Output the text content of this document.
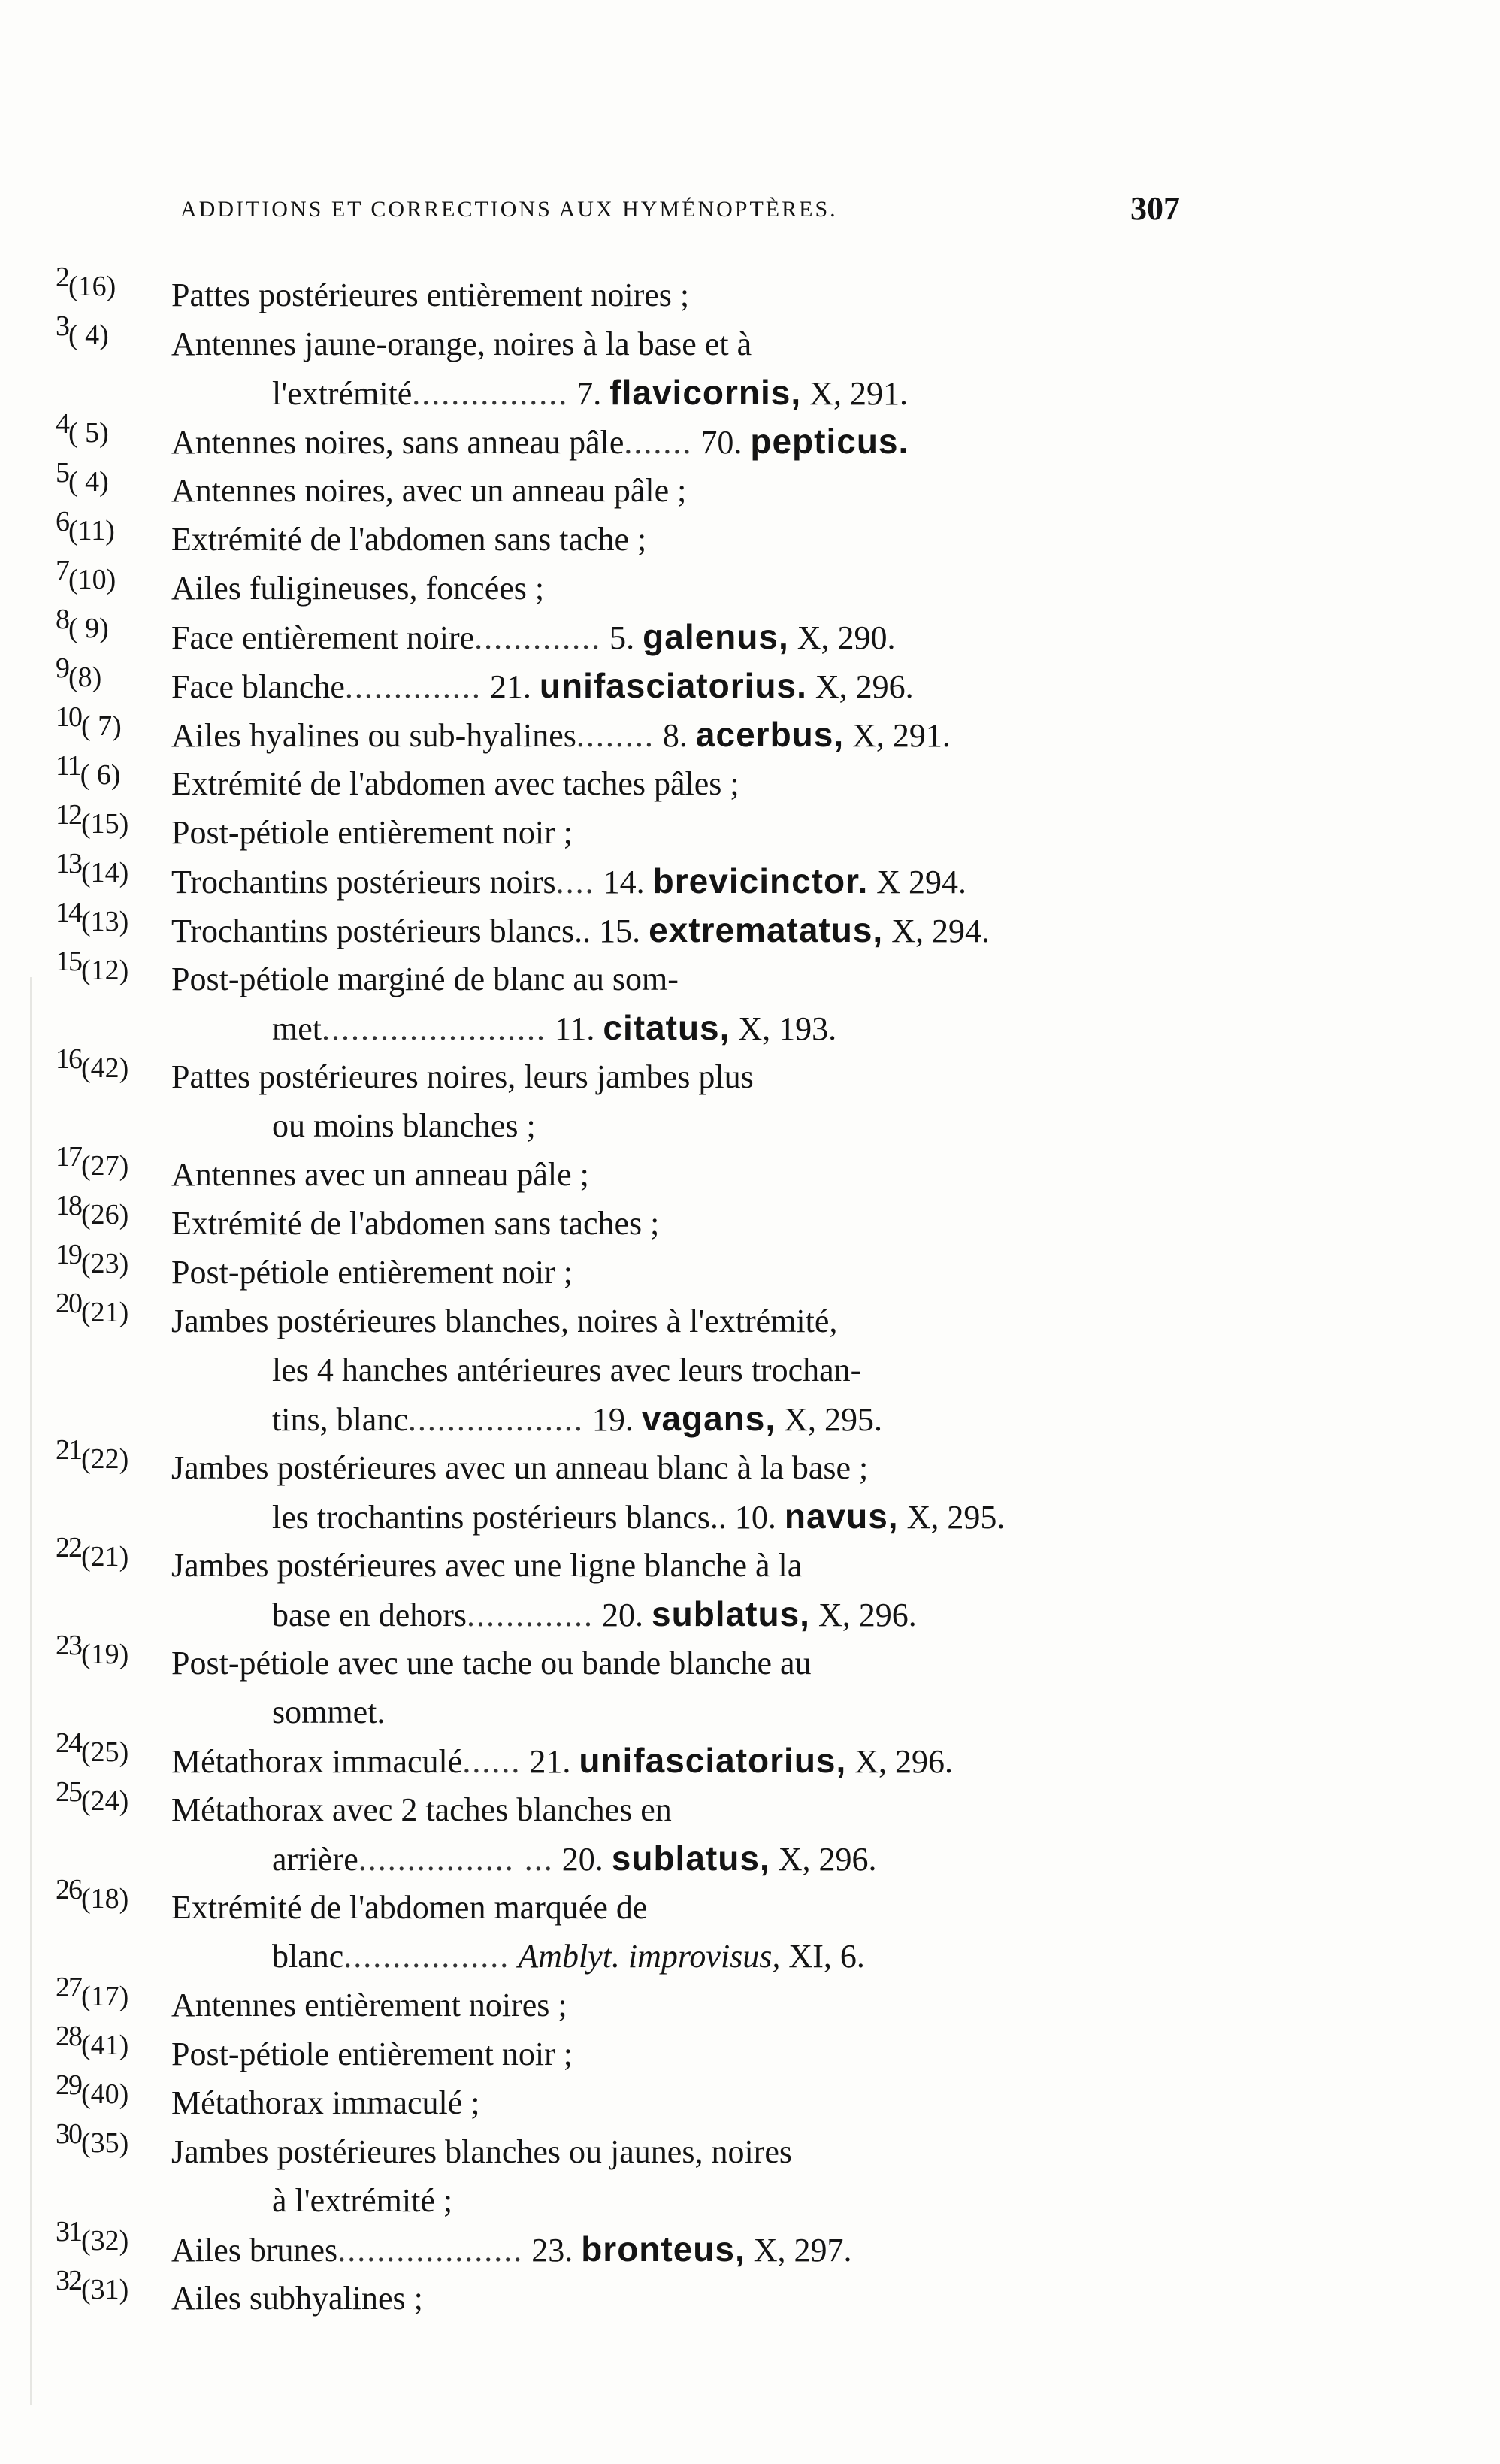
ADDITIONS ET CORRECTIONS AUX HYMÉNOPTÈRES.	307
2(16) Pattes postérieures entièrement noires ;
3( 4) Antennes jaune-orange, noires à la base et à
l'extrémité................ 7. flavicornis, X, 291.
4( 5) Antennes noires, sans anneau pâle....... 70. pepticus.
5( 4) Antennes noires, avec un anneau pâle ;
6(11) Extrémité de l'abdomen sans tache ;
7(10) Ailes fuligineuses, foncées ;
8( 9) Face entièrement noire............. 5. galenus, X, 290.
9(8) Face blanche.............. 21. unifasciatorius. X, 296.
10( 7) Ailes hyalines ou sub-hyalines........ 8. acerbus, X, 291.
11( 6) Extrémité de l'abdomen avec taches pâles ;
12(15) Post-pétiole entièrement noir ;
13(14) Trochantins postérieurs noirs.... 14. brevicinctor. X 294.
14(13) Trochantins postérieurs blancs.. 15. extrematatus, X, 294.
15(12) Post-pétiole marginé de blanc au som-
met....................... 11. citatus, X, 193.
16(42) Pattes postérieures noires, leurs jambes plus
ou moins blanches ;
17(27) Antennes avec un anneau pâle ;
18(26) Extrémité de l'abdomen sans taches ;
19(23) Post-pétiole entièrement noir ;
20(21) Jambes postérieures blanches, noires à l'extrémité,
les 4 hanches antérieures avec leurs trochan-
tins, blanc.................. 19. vagans, X, 295.
21(22) Jambes postérieures avec un anneau blanc à la base ;
les trochantins postérieurs blancs.. 10. navus, X, 295.
22(21) Jambes postérieures avec une ligne blanche à la
base en dehors............. 20. sublatus, X, 296.
23(19) Post-pétiole avec une tache ou bande blanche au
sommet.
24(25) Métathorax immaculé...... 21. unifasciatorius, X, 296.
25(24) Métathorax avec 2 taches blanches en
arrière................ ... 20. sublatus, X, 296.
26(18) Extrémité de l'abdomen marquée de
blanc................. Amblyt. improvisus, XI, 6.
27(17) Antennes entièrement noires ;
28(41) Post-pétiole entièrement noir ;
29(40) Métathorax immaculé ;
30(35) Jambes postérieures blanches ou jaunes, noires
à l'extrémité ;
31(32) Ailes brunes................... 23. bronteus, X, 297.
32(31) Ailes subhyalines ;
